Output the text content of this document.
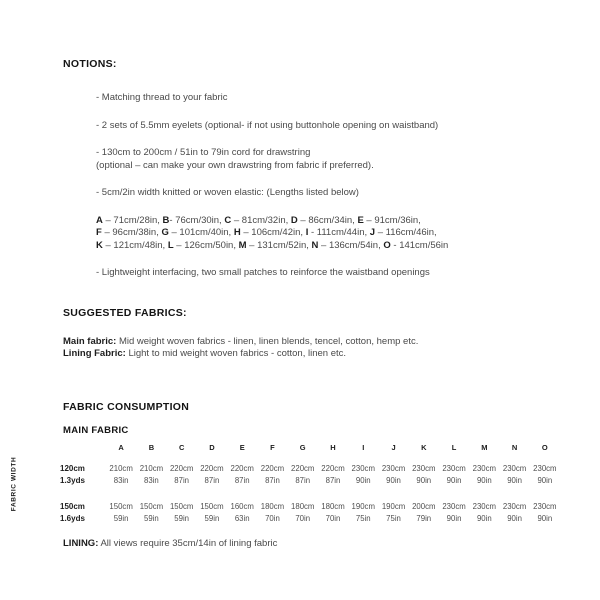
NOTIONS:
- Matching thread to your fabric
- 2 sets of 5.5mm eyelets (optional- if not using buttonhole opening on waistband)
- 130cm to 200cm / 51in to 79in cord for drawstring
(optional – can make your own drawstring from fabric if preferred).
- 5cm/2in width knitted or woven elastic: (Lengths listed below)
A – 71cm/28in, B- 76cm/30in, C – 81cm/32in, D – 86cm/34in, E – 91cm/36in,
F – 96cm/38in, G – 101cm/40in, H – 106cm/42in, I - 111cm/44in, J – 116cm/46in,
K – 121cm/48in, L – 126cm/50in, M – 131cm/52in, N – 136cm/54in, O - 141cm/56in
- Lightweight interfacing, two small patches to reinforce the waistband openings
SUGGESTED FABRICS:
Main fabric: Mid weight woven fabrics - linen, linen blends, tencel, cotton, hemp etc.
Lining Fabric: Light to mid weight woven fabrics - cotton, linen etc.
FABRIC CONSUMPTION
MAIN FABRIC
A	B	C	D	E	F	G	H	I	J	K	L	M	N	O
120cm	210cm 210cm 220cm 220cm 220cm 220cm 220cm 220cm 230cm 230cm 230cm 230cm 230cm 230cm 230cm
1.3yds	83in	83in	87in	87in	87in	87in	87in	87in	90in	90in	90in	90in	90in	90in	90in
150cm	150cm 150cm 150cm 150cm 160cm 180cm 180cm 180cm 190cm 190cm 200cm 230cm 230cm 230cm 230cm
1.6yds	59in	59in	59in	59in	63in	70in	70in	70in	75in	75in	79in	90in	90in	90in	90in
LINING: All views require 35cm/14in of lining fabric
FABRIC WIDTH
